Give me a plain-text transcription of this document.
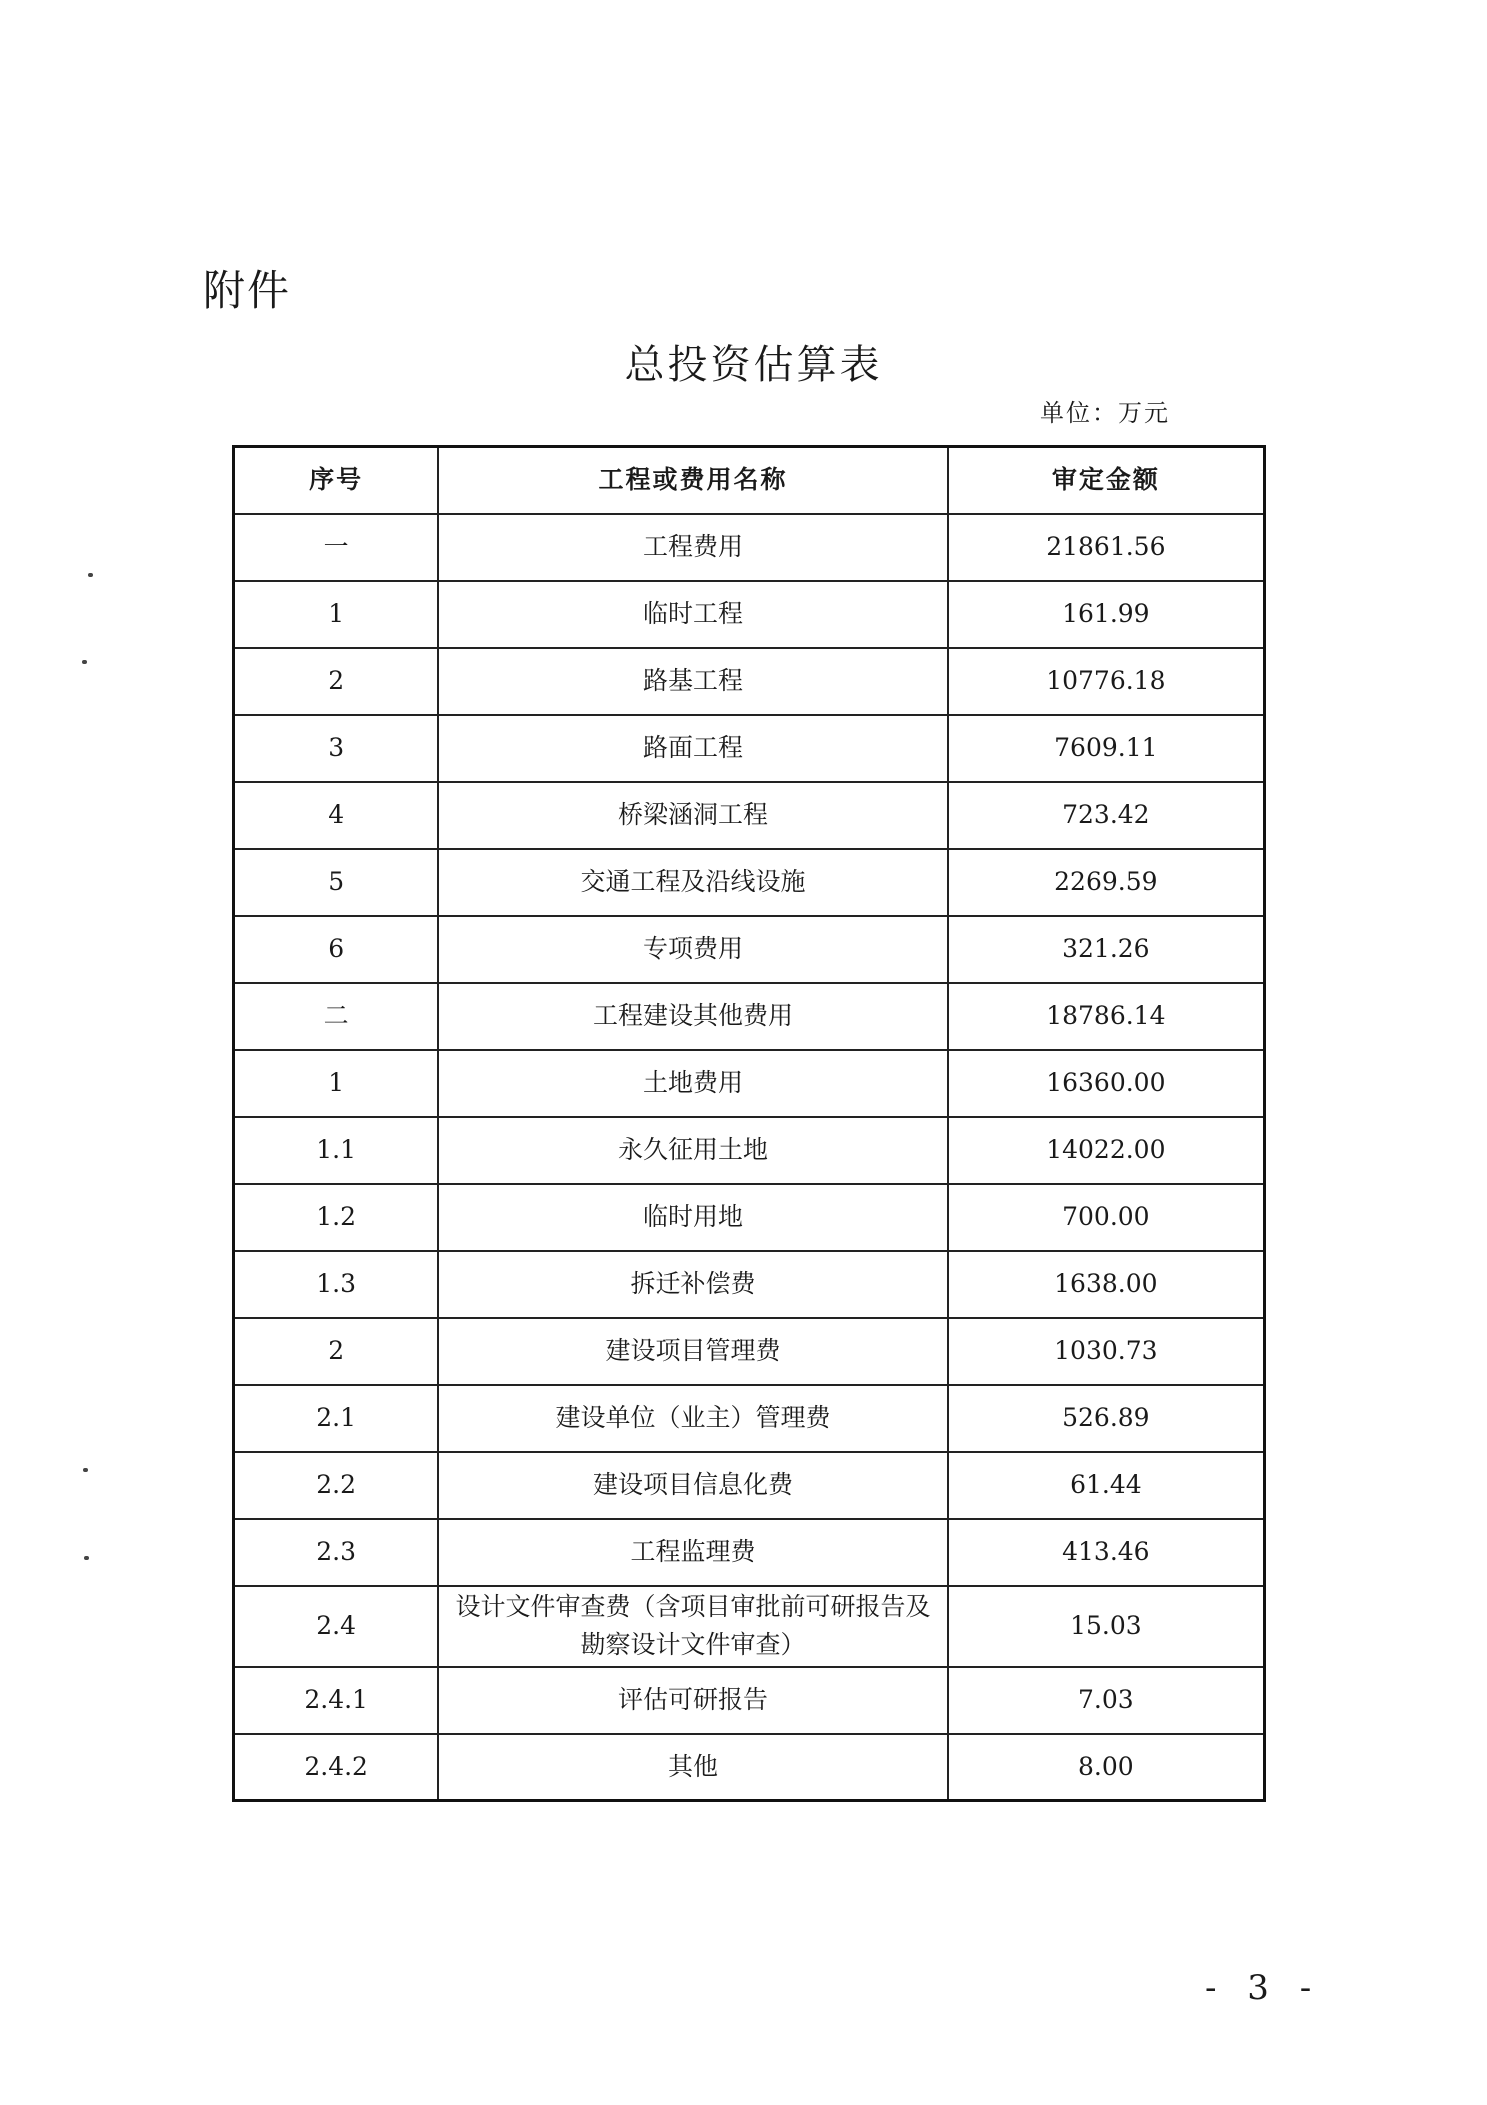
附件
总投资估算表
单位：万元
序号	工程或费用名称	审定金额
一	工程费用	21861.56
1	临时工程	161.99
2	路基工程	10776.18
3	路面工程	7609.11
4	桥梁涵洞工程	723.42
5	交通工程及沿线设施	2269.59
6	专项费用	321.26
二	工程建设其他费用	18786.14
1	土地费用	16360.00
1.1	永久征用土地	14022.00
1.2	临时用地	700.00
1.3	拆迁补偿费	1638.00
2	建设项目管理费	1030.73
2.1	建设单位（业主）管理费	526.89
2.2	建设项目信息化费	61.44
2.3	工程监理费	413.46
2.4	设计文件审查费（含项目审批前可研报告及
勘察设计文件审查）	15.03
2.4.1	评估可研报告	7.03
2.4.2	其他	8.00
- 3 -
